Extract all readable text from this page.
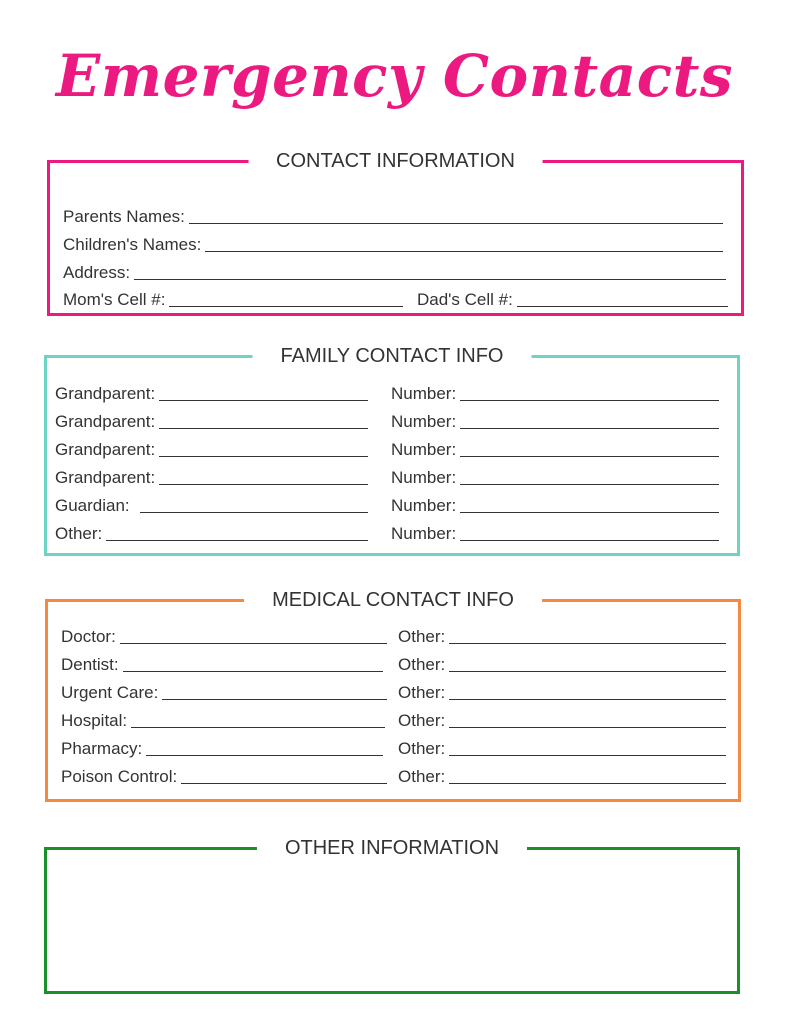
Emergency Contacts
CONTACT INFORMATION
Parents Names:
Children's Names:
Address:
Mom's Cell #:	Dad's Cell #:
FAMILY CONTACT INFO
Grandparent:	Number:
Grandparent:	Number:
Grandparent:	Number:
Grandparent:	Number:
Guardian:	Number:
Other:	Number:
MEDICAL CONTACT INFO
Doctor:	Other:
Dentist:	Other:
Urgent Care:	Other:
Hospital:	Other:
Pharmacy:	Other:
Poison Control:	Other:
OTHER INFORMATION
